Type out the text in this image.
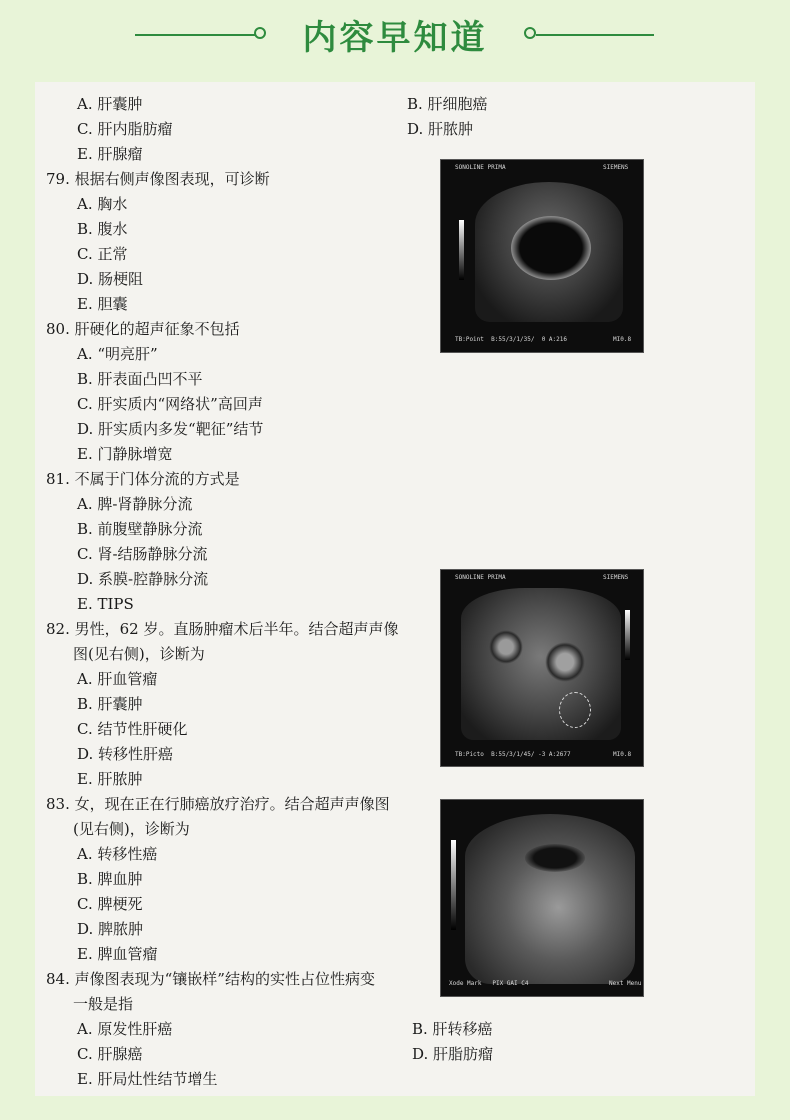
内容早知道
A. 肝囊肿	B. 肝细胞癌
C. 肝内脂肪瘤	D. 肝脓肿
E. 肝腺瘤
79. 根据右侧声像图表现，可诊断
A. 胸水
B. 腹水
C. 正常
D. 肠梗阻
E. 胆囊
80. 肝硬化的超声征象不包括
A. “明亮肝”
B. 肝表面凸凹不平
C. 肝实质内“网络状”高回声
D. 肝实质内多发“靶征”结节
E. 门静脉增宽
81. 不属于门体分流的方式是
A. 脾-肾静脉分流
B. 前腹壁静脉分流
C. 肾-结肠静脉分流
D. 系膜-腔静脉分流
E. TIPS
82. 男性，62 岁。直肠肿瘤术后半年。结合超声声像
图(见右侧)，诊断为
A. 肝血管瘤
B. 肝囊肿
C. 结节性肝硬化
D. 转移性肝癌
E. 肝脓肿
83. 女，现在正在行肺癌放疗治疗。结合超声声像图
(见右侧)，诊断为
A. 转移性癌
B. 脾血肿
C. 脾梗死
D. 脾脓肿
E. 脾血管瘤
84. 声像图表现为“镶嵌样”结构的实性占位性病变
一般是指
A. 原发性肝癌	B. 肝转移癌
C. 肝腺癌	D. 肝脂肪瘤
E. 肝局灶性结节增生
SONOLINE PRIMA	SIEMENS
TB:Point  B:55/3/1/35/  0 A:216	MI0.8
SONOLINE PRIMA	SIEMENS
TB:Picto  B:55/3/1/45/ -3 A:2677	MI0.8
Xode Mark   PIX GAI C4	Next Menu
